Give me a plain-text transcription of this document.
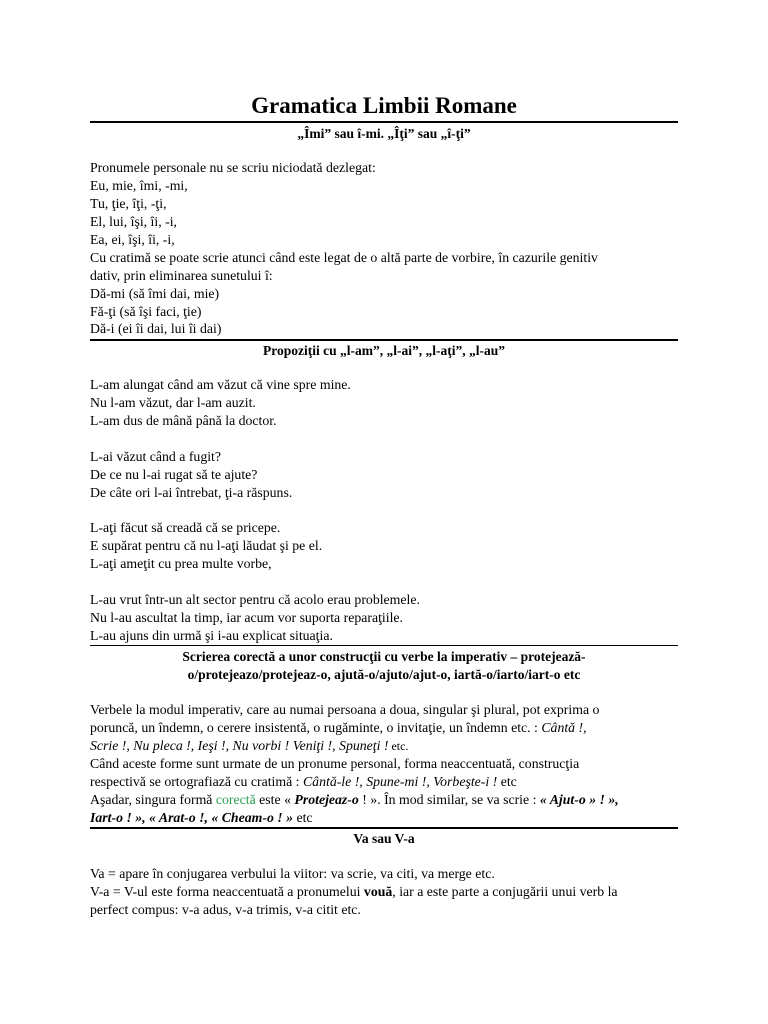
Gramatica Limbii Romane
„Îmi” sau î-mi. „Îţi” sau „î-ţi”
Pronumele personale nu se scriu niciodată dezlegat:
Eu, mie, îmi, -mi,
Tu, ţie, îţi, -ţi,
El, lui, îşi, îi, -i,
Ea, ei, îşi, îi, -i,
Cu cratimă se poate scrie atunci când este legat de o altă parte de vorbire, în cazurile genitiv
dativ, prin eliminarea sunetului î:
Dă-mi (să îmi dai, mie)
Fă-ţi (să îşi faci, ţie)
Dă-i (ei îi dai, lui îi dai)
Propoziţii cu „l-am”, „l-ai”, „l-aţi”, „l-au”
L-am alungat când am văzut că vine spre mine.
Nu l-am văzut, dar l-am auzit.
L-am dus de mână până la doctor.
L-ai văzut când a fugit?
De ce nu l-ai rugat să te ajute?
De câte ori l-ai întrebat, ţi-a răspuns.
L-aţi făcut să creadă că se pricepe.
E supărat pentru că nu l-aţi lăudat şi pe el.
L-aţi ameţit cu prea multe vorbe,
L-au vrut într-un alt sector pentru că acolo erau problemele.
Nu l-au ascultat la timp, iar acum vor suporta reparaţiile.
L-au ajuns din urmă şi i-au explicat situaţia.
Scrierea corectă a unor construcţii cu verbe la imperativ – protejează-
o/protejeazo/protejeaz-o, ajută-o/ajuto/ajut-o, iartă-o/iarto/iart-o etc
Verbele la modul imperativ, care au numai persoana a doua, singular şi plural, pot exprima o
poruncă, un îndemn, o cerere insistentă, o rugăminte, o invitaţie, un îndemn etc. : Cântă !,
Scrie !, Nu pleca !, Ieşi !, Nu vorbi ! Veniţi !, Spuneţi ! etc.
Când aceste forme sunt urmate de un pronume personal, forma neaccentuată, construcţia
respectivă se ortografiază cu cratimă : Cântă-le !, Spune-mi !, Vorbeşte-i ! etc
Aşadar, singura formă corectă este « Protejeaz-o ! ». În mod similar, se va scrie : « Ajut-o » ! »,
Iart-o ! », « Arat-o !, « Cheam-o ! » etc
Va sau V-a
Va = apare în conjugarea verbului la viitor: va scrie, va citi, va merge etc.
V-a = V-ul este forma neaccentuată a pronumelui vouă, iar a este parte a conjugării unui verb la
perfect compus: v-a adus, v-a trimis, v-a citit etc.
